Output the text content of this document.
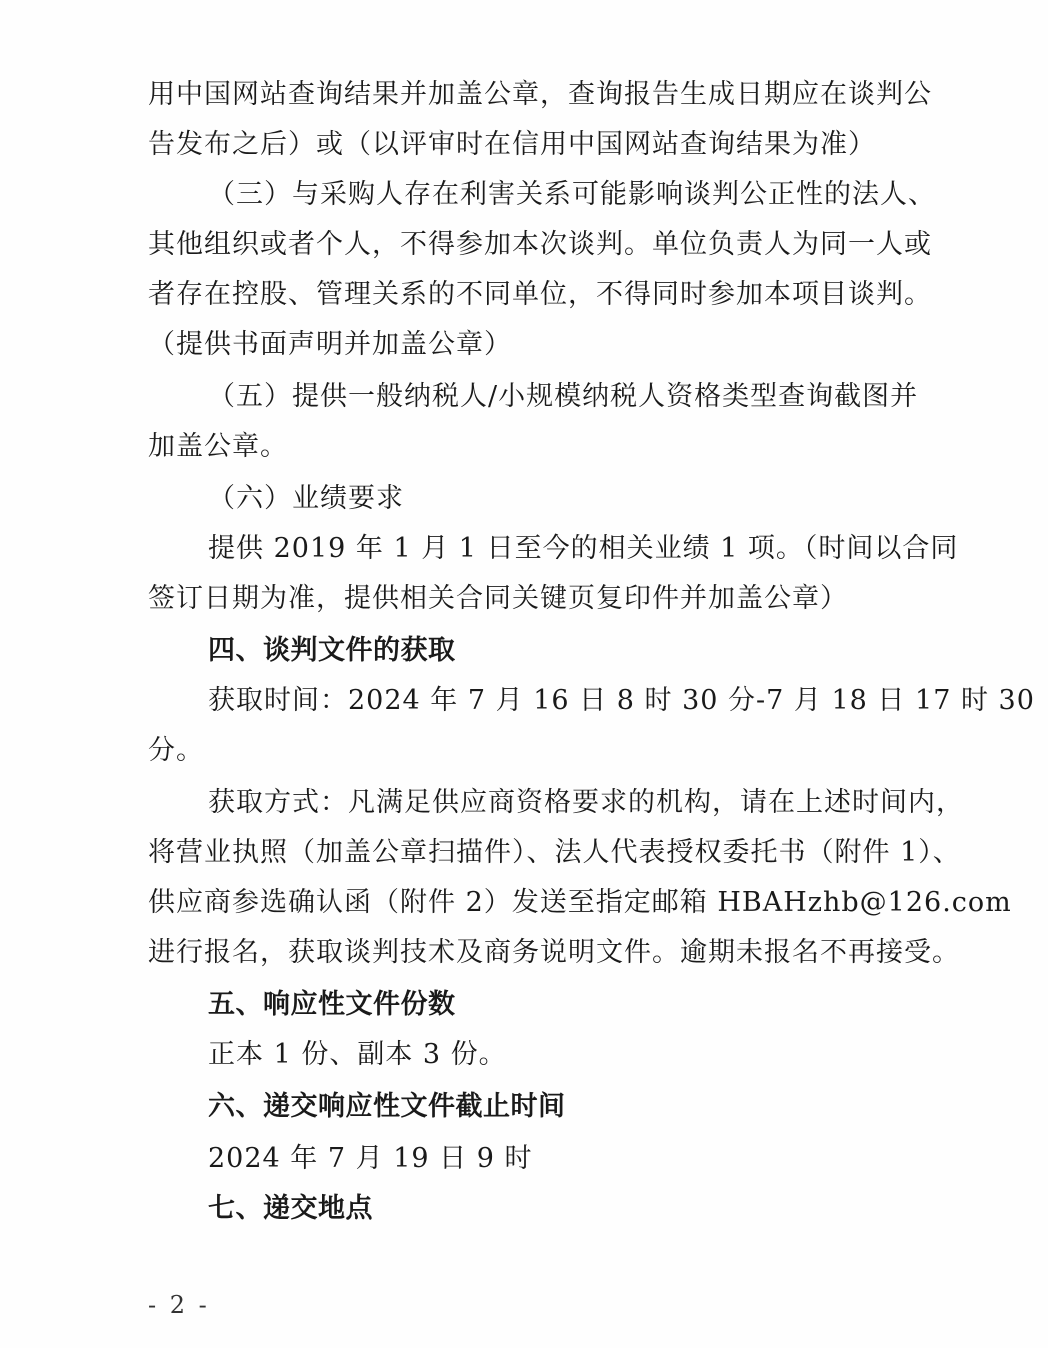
用中国网站查询结果并加盖公章，查询报告生成日期应在谈判公
告发布之后）或（以评审时在信用中国网站查询结果为准）
（三）与采购人存在利害关系可能影响谈判公正性的法人、
其他组织或者个人，不得参加本次谈判。单位负责人为同一人或
者存在控股、管理关系的不同单位，不得同时参加本项目谈判。
（提供书面声明并加盖公章）
（五）提供一般纳税人/小规模纳税人资格类型查询截图并
加盖公章。
（六）业绩要求
提供 2019 年 1 月 1 日至今的相关业绩 1 项。（时间以合同
签订日期为准，提供相关合同关键页复印件并加盖公章）
四、谈判文件的获取
获取时间：2024 年 7 月 16 日 8 时 30 分-7 月 18 日 17 时 30
分。
获取方式：凡满足供应商资格要求的机构，请在上述时间内，
将营业执照（加盖公章扫描件）、法人代表授权委托书（附件 1）、
供应商参选确认函（附件 2）发送至指定邮箱 HBAHzhb@126.com
进行报名，获取谈判技术及商务说明文件。逾期未报名不再接受。
五、响应性文件份数
正本 1 份、副本 3 份。
六、递交响应性文件截止时间
2024 年 7 月 19 日 9 时
七、递交地点
- 2 -
